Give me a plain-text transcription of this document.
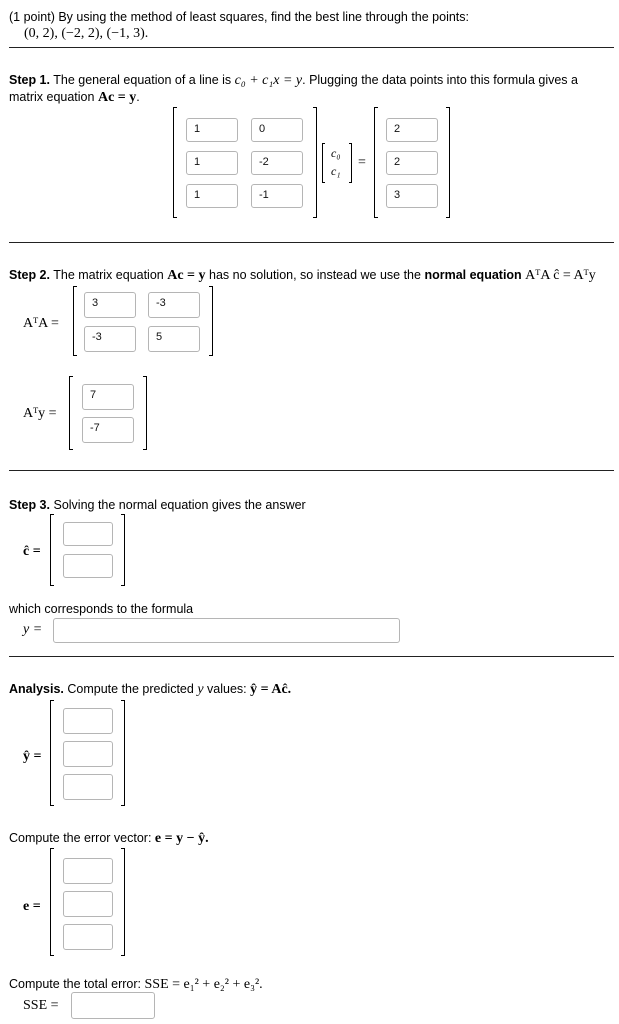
(1 point) By using the method of least squares, find the best line through the points:
(0, 2), (−2, 2), (−1, 3).
Step 1. The general equation of a line is c₀ + c₁x = y. Plugging the data points into this formula gives a
matrix equation Ac = y.
1	0
1	-2
1	-1
c₀
c₁
=
2
2
3
Step 2. The matrix equation Ac = y has no solution, so instead we use the normal equation AᵀA ĉ = Aᵀy
AᵀA =
3	-3
-3	5
Aᵀy =
7
-7
Step 3. Solving the normal equation gives the answer
ĉ =
which corresponds to the formula
y =
Analysis. Compute the predicted y values: ŷ = Aĉ.
ŷ =
Compute the error vector: e = y − ŷ.
e =
Compute the total error: SSE = e₁² + e₂² + e₃².
SSE =
